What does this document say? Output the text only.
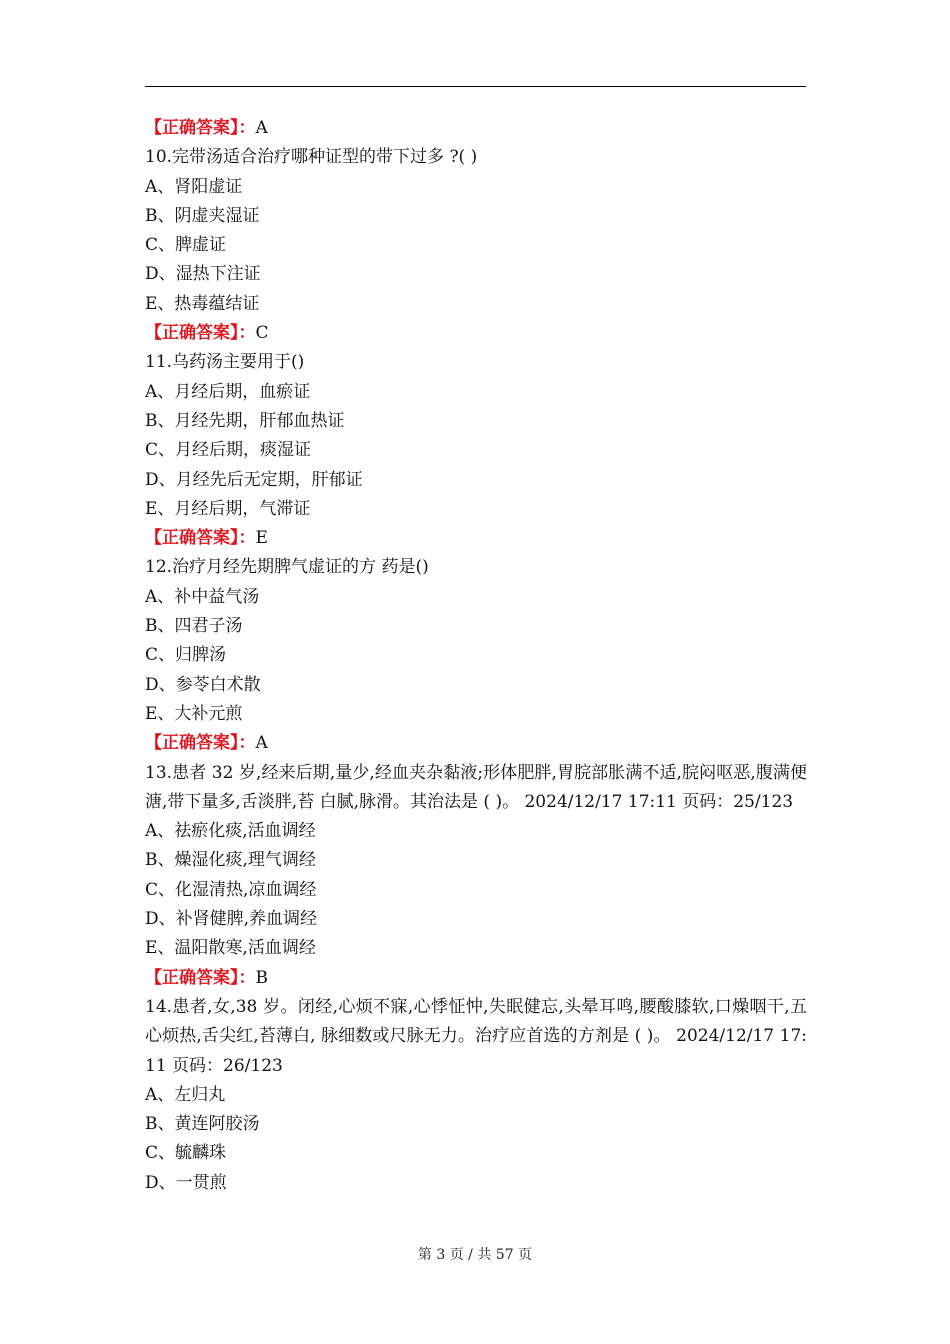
【正确答案】：A
10.完带汤适合治疗哪种证型的带下过多 ?( )
A、肾阳虚证
B、阴虚夹湿证
C、脾虚证
D、湿热下注证
E、热毒蕴结证
【正确答案】：C
11.乌药汤主要用于()
A、月经后期，血瘀证
B、月经先期，肝郁血热证
C、月经后期，痰湿证
D、月经先后无定期，肝郁证
E、月经后期，气滞证
【正确答案】：E
12.治疗月经先期脾气虚证的方 药是()
A、补中益气汤
B、四君子汤
C、归脾汤
D、参苓白术散
E、大补元煎
【正确答案】：A
13.患者 32 岁,经来后期,量少,经血夹杂黏液;形体肥胖,胃脘部胀满不适,脘闷呕恶,腹满便溏,带下量多,舌淡胖,苔 白腻,脉滑。其治法是 ( )。 2024/12/17 17:11 页码：25/123
A、祛瘀化痰,活血调经
B、燥湿化痰,理气调经
C、化湿清热,凉血调经
D、补肾健脾,养血调经
E、温阳散寒,活血调经
【正确答案】：B
14.患者,女,38 岁。闭经,心烦不寐,心悸怔忡,失眠健忘,头晕耳鸣,腰酸膝软,口燥咽干,五心烦热,舌尖红,苔薄白, 脉细数或尺脉无力。治疗应首选的方剂是 ( )。 2024/12/17 17:11 页码：26/123
A、左归丸
B、黄连阿胶汤
C、毓麟珠
D、一贯煎
第 3 页 / 共 57 页
